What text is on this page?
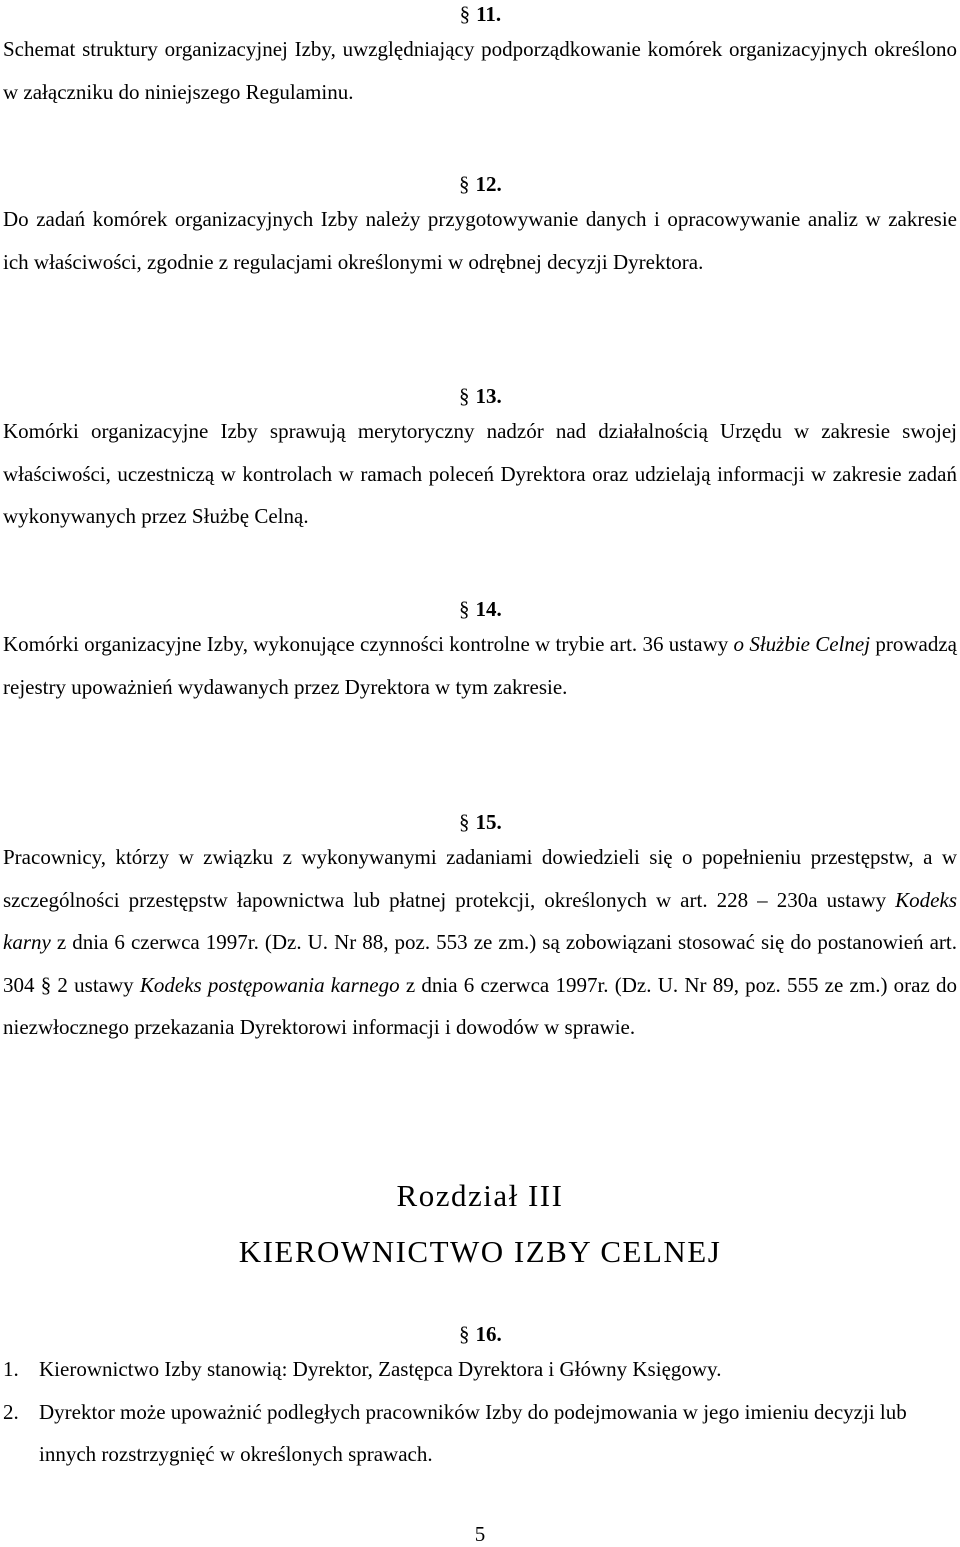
§ 11.

Schemat struktury organizacyjnej Izby, uwzględniający podporządkowanie komórek organizacyjnych określono w załączniku do niniejszego Regulaminu.

§ 12.

Do zadań komórek organizacyjnych Izby należy przygotowywanie danych i opracowywanie analiz w zakresie ich właściwości, zgodnie z regulacjami określonymi w odrębnej decyzji Dyrektora.

§ 13.

Komórki organizacyjne Izby sprawują merytoryczny nadzór nad działalnością Urzędu w zakresie swojej właściwości, uczestniczą w kontrolach w ramach poleceń Dyrektora oraz udzielają informacji w zakresie zadań wykonywanych przez Służbę Celną.

§ 14.

Komórki organizacyjne Izby, wykonujące czynności kontrolne w trybie art. 36 ustawy o Służbie Celnej prowadzą rejestry upoważnień wydawanych przez Dyrektora w tym zakresie.

§ 15.

Pracownicy, którzy w związku z wykonywanymi zadaniami dowiedzieli się o popełnieniu przestępstw, a w szczególności przestępstw łapownictwa lub płatnej protekcji, określonych w art. 228 – 230a ustawy Kodeks karny z dnia 6 czerwca 1997r. (Dz. U. Nr 88, poz. 553 ze zm.) są zobowiązani stosować się do postanowień art. 304 § 2 ustawy Kodeks postępowania karnego z dnia 6 czerwca 1997r. (Dz. U. Nr 89, poz. 555 ze zm.) oraz do niezwłocznego przekazania Dyrektorowi informacji i dowodów w sprawie.

Rozdział III
KIEROWNICTWO IZBY CELNEJ
§ 16.
1. Kierownictwo Izby stanowią: Dyrektor, Zastępca Dyrektora i Główny Księgowy.
2. Dyrektor może upoważnić podległych pracowników Izby do podejmowania w jego imieniu decyzji lub innych rozstrzygnięć w określonych sprawach.
5
